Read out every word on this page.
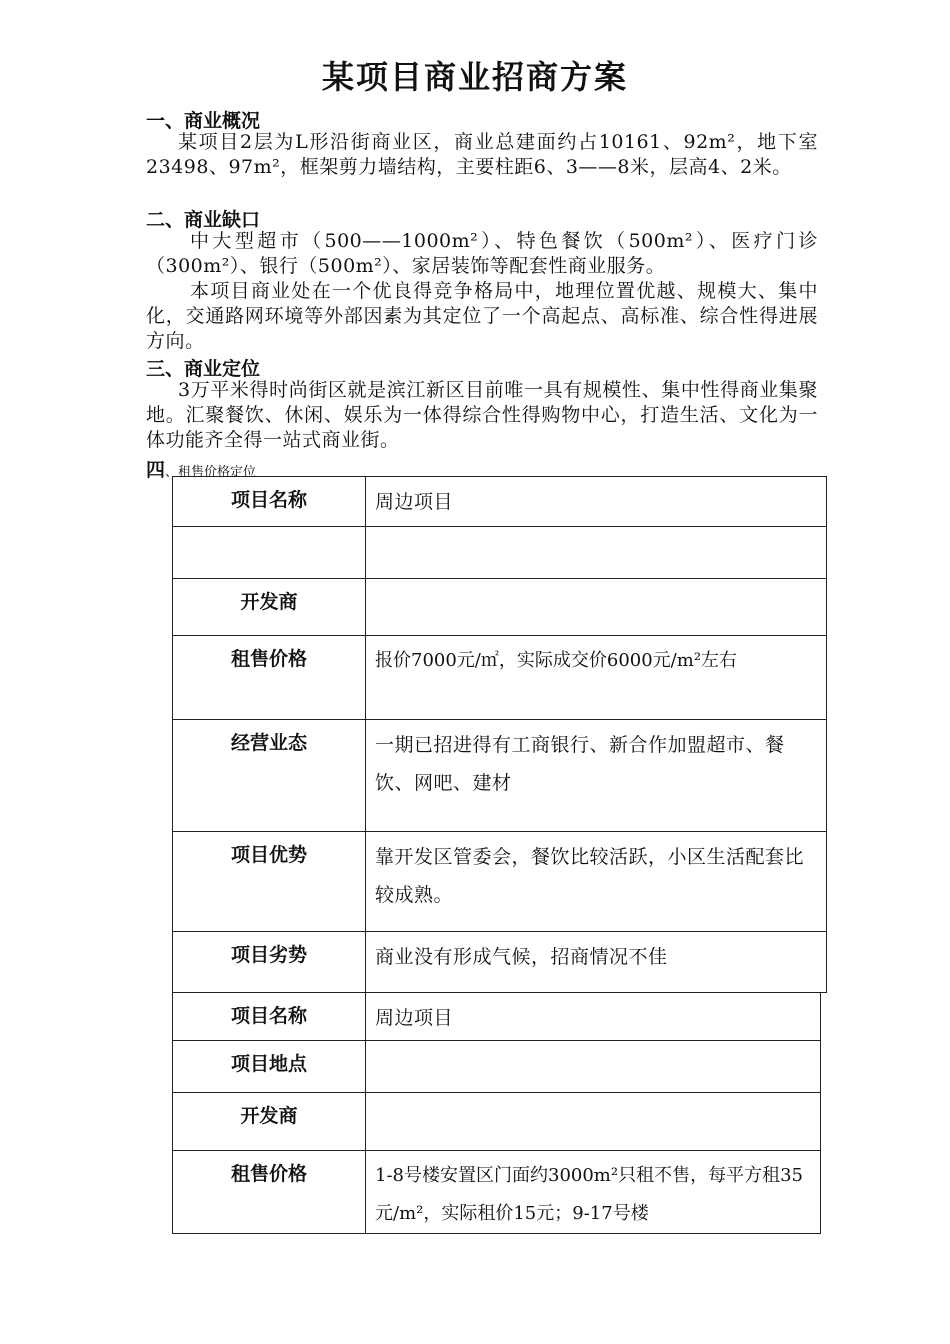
某项目商业招商方案
一、商业概况
某项目2层为L形沿街商业区，商业总建面约占10161、92m²，地下室23498、97m²，框架剪力墙结构，主要柱距6、3——8米，层高4、2米。
二、商业缺口
中大型超市（500——1000m²）、特色餐饮（500m²）、医疗门诊（300m²）、银行（500m²）、家居装饰等配套性商业服务。
本项目商业处在一个优良得竞争格局中，地理位置优越、规模大、集中化，交通路网环境等外部因素为其定位了一个高起点、高标准、综合性得进展方向。
三、商业定位
3万平米得时尚街区就是滨江新区目前唯一具有规模性、集中性得商业集聚地。汇聚餐饮、休闲、娱乐为一体得综合性得购物中心，打造生活、文化为一体功能齐全得一站式商业街。
四、租售价格定位
项目名称	周边项目

开发商	
租售价格	报价7000元/㎡，实际成交价6000元/m²左右
经营业态	一期已招进得有工商银行、新合作加盟超市、餐饮、网吧、建材
项目优势	靠开发区管委会，餐饮比较活跃，小区生活配套比较成熟。
项目劣势	商业没有形成气候，招商情况不佳
项目名称	周边项目
项目地点	
开发商	
租售价格	1-8号楼安置区门面约3000m²只租不售，每平方租35元/m²，实际租价15元；9-17号楼
